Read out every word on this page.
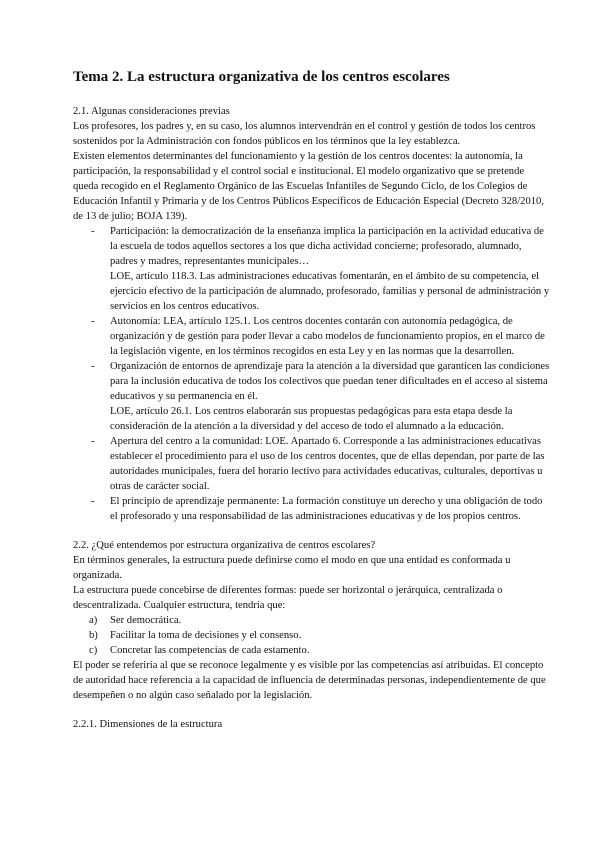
Tema 2. La estructura organizativa de los centros escolares

2.1. Algunas consideraciones previas

Los profesores, los padres y, en su caso, los alumnos intervendrán en el control y gestión de todos los centros sostenidos por la Administración con fondos públicos en los términos que la ley establezca.

Existen elementos determinantes del funcionamiento y la gestión de los centros docentes: la autonomía, la participación, la responsabilidad y el control social e institucional. El modelo organizativo que se pretende queda recogido en el Reglamento Orgánico de las Escuelas Infantiles de Segundo Ciclo, de los Colegios de Educación Infantil y Primaria y de los Centros Públicos Específicos de Educación Especial (Decreto 328/2010, de 13 de julio; BOJA 139).

- Participación: la democratización de la enseñanza implica la participación en la actividad educativa de la escuela de todos aquellos sectores a los que dicha actividad concierne; profesorado, alumnado, padres y madres, representantes municipales…
LOE, artículo 118.3. Las administraciones educativas fomentarán, en el ámbito de su competencia, el ejercicio efectivo de la participación de alumnado, profesorado, familias y personal de administración y servicios en los centros educativos.
- Autonomía: LEA, artículo 125.1. Los centros docentes contarán con autonomía pedagógica, de organización y de gestión para poder llevar a cabo modelos de funcionamiento propios, en el marco de la legislación vigente, en los términos recogidos en esta Ley y en las normas que la desarrollen.
- Organización de entornos de aprendizaje para la atención a la diversidad que garanticen las condiciones para la inclusión educativa de todos los colectivos que puedan tener dificultades en el acceso al sistema educativos y su permanencia en él.
LOE, artículo 26.1. Los centros elaborarán sus propuestas pedagógicas para esta etapa desde la consideración de la atención a la diversidad y del acceso de todo el alumnado a la educación.
- Apertura del centro a la comunidad: LOE. Apartado 6. Corresponde a las administraciones educativas establecer el procedimiento para el uso de los centros docentes, que de ellas dependan, por parte de las autoridades municipales, fuera del horario lectivo para actividades educativas, culturales, deportivas u otras de carácter social.
- El principio de aprendizaje permanente: La formación constituye un derecho y una obligación de todo el profesorado y una responsabilidad de las administraciones educativas y de los propios centros.

2.2. ¿Qué entendemos por estructura organizativa de centros escolares?

En términos generales, la estructura puede definirse como el modo en que una entidad es conformada u organizada.

La estructura puede concebirse de diferentes formas: puede ser horizontal o jerárquica, centralizada o descentralizada. Cualquier estructura, tendría que:

a) Ser democrática.
b) Facilitar la toma de decisiones y el consenso.
c) Concretar las competencias de cada estamento.

El poder se referiría al que se reconoce legalmente y es visible por las competencias así atribuidas. El concepto de autoridad hace referencia a la capacidad de influencia de determinadas personas, independientemente de que desempeñen o no algún caso señalado por la legislación.

2.2.1. Dimensiones de la estructura
